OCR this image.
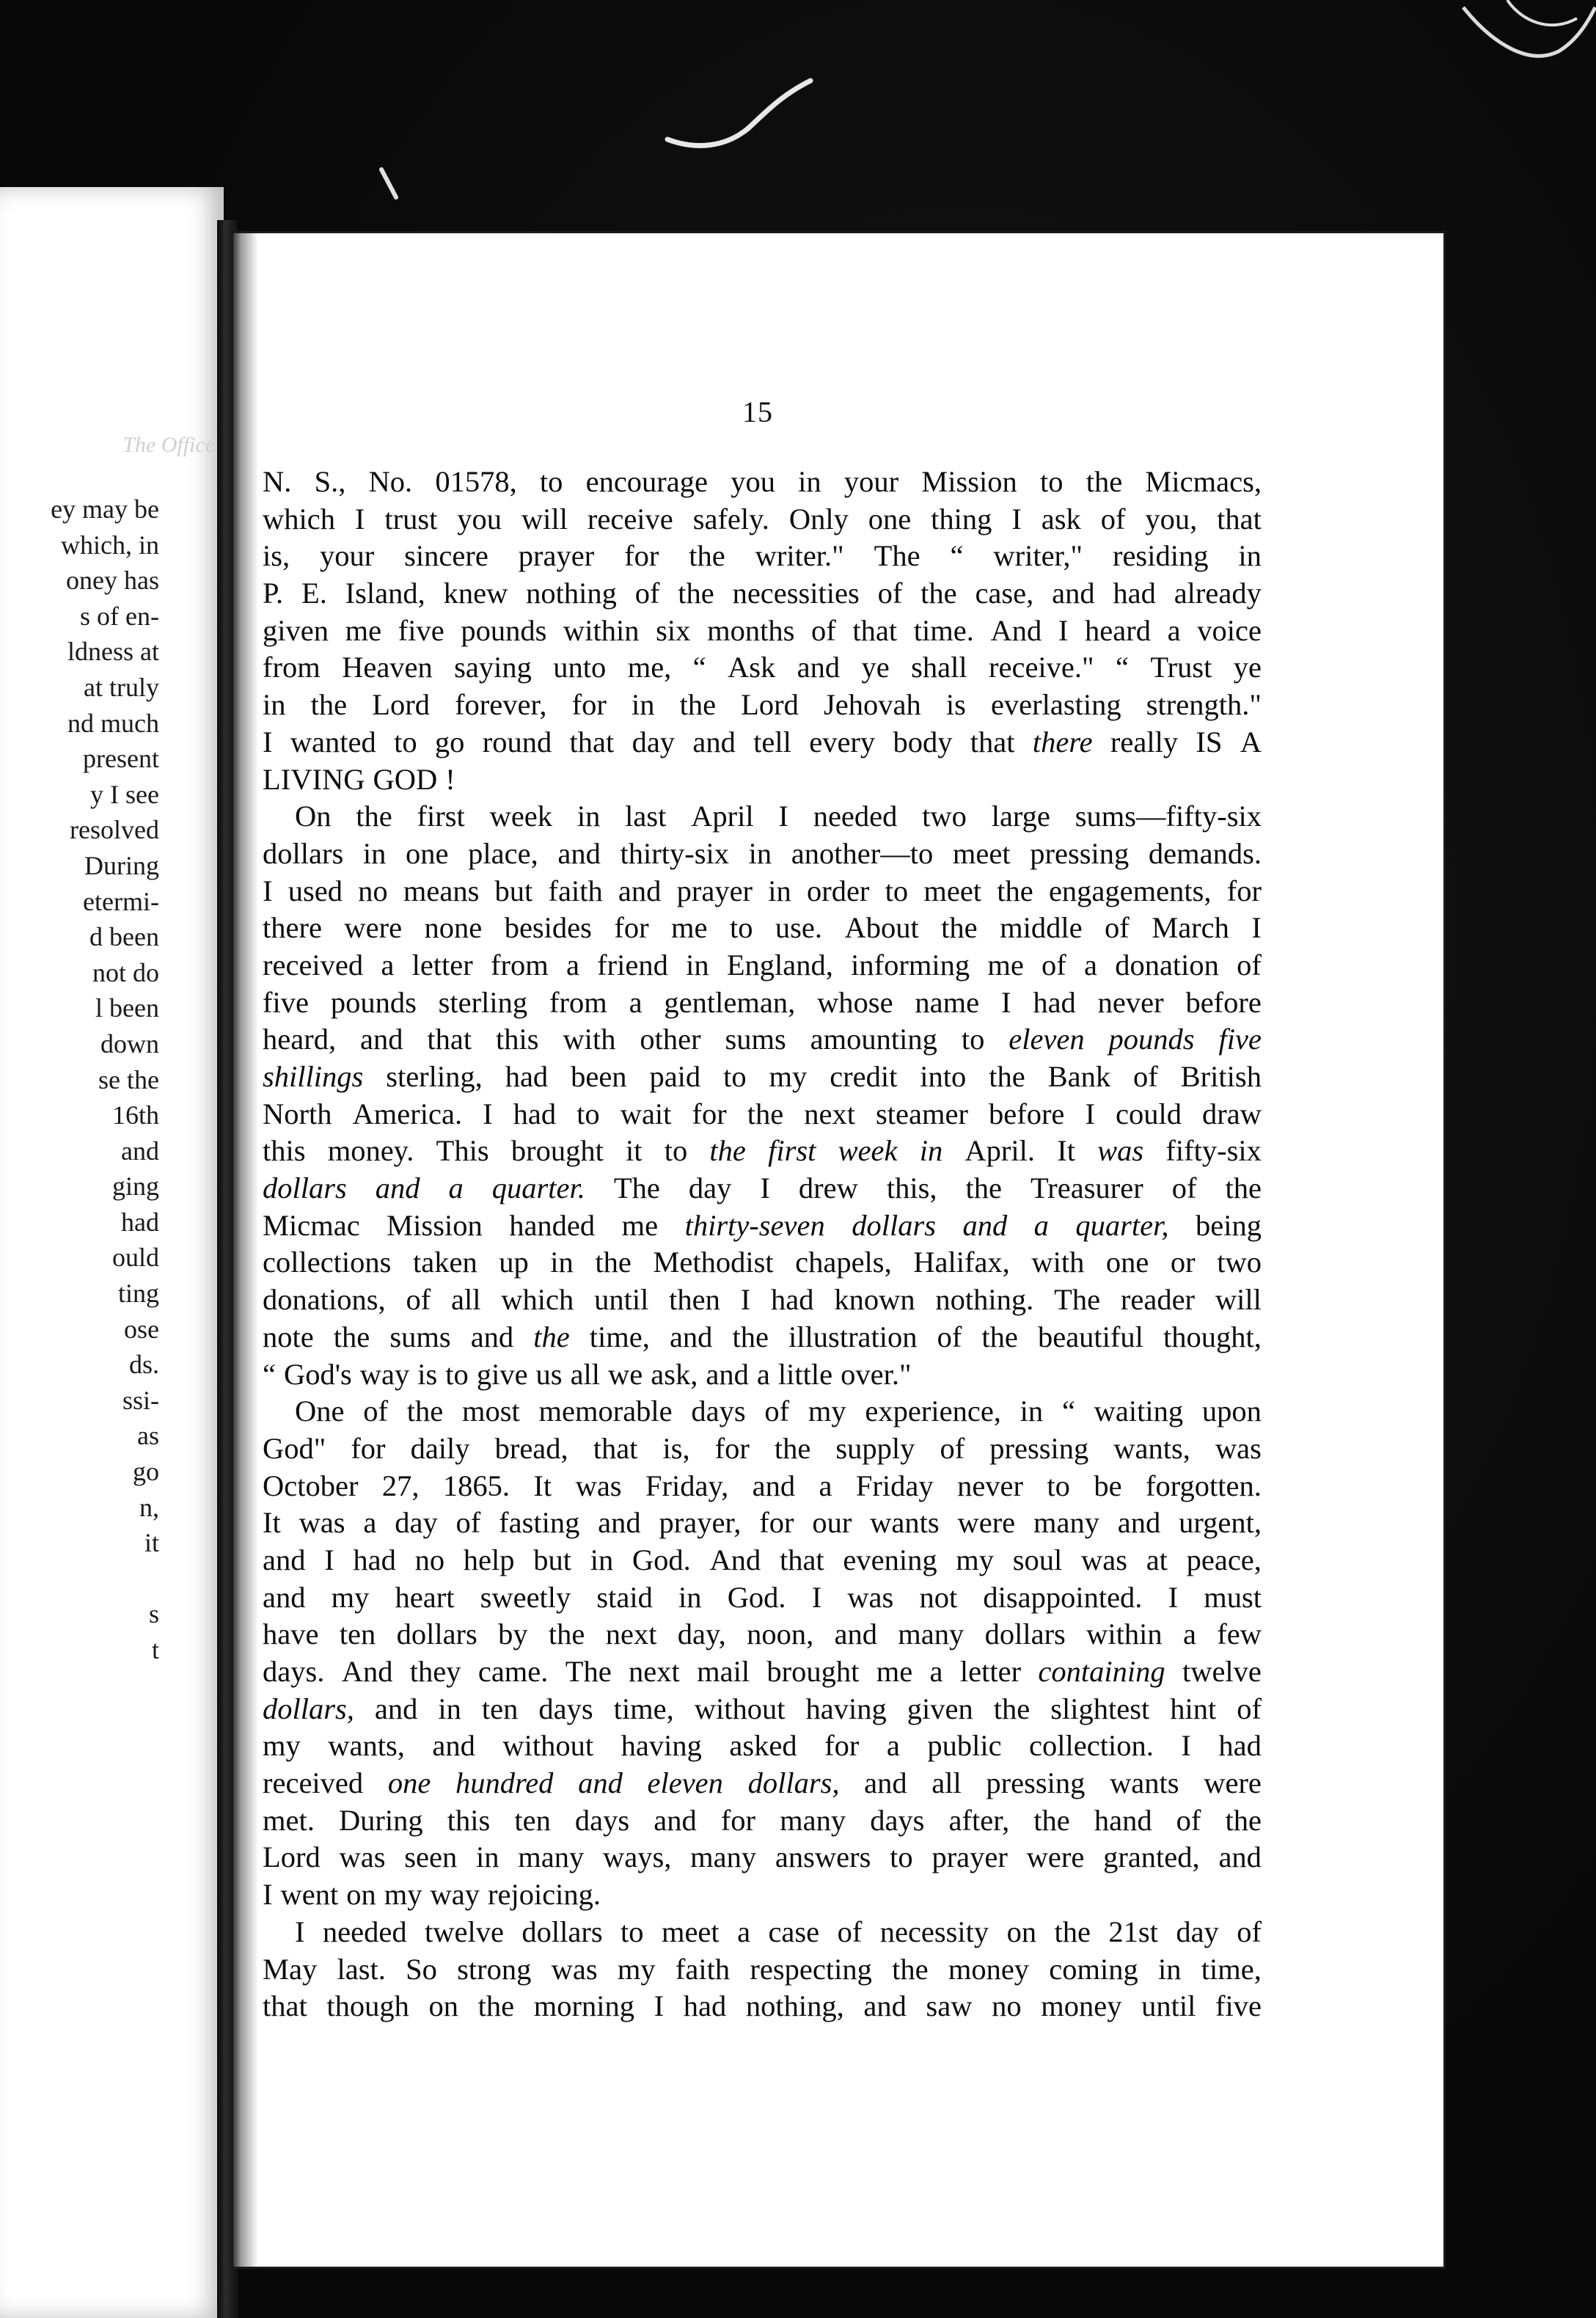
The Office
ey may be
which, in
oney has
s of en-
ldness at
at truly
nd much
present
y I see
resolved
During
etermi-
d been
not do
l been
down
se the
16th
and
ging
had
ould
ting
ose
ds.
ssi-
as
go
n,
it
s
t
15
N. S., No. 01578, to encourage you in your Mission to the Micmacs,
which I trust you will receive safely. Only one thing I ask of you, that
is, your sincere prayer for the writer." The “ writer," residing in
P. E. Island, knew nothing of the necessities of the case, and had already
given me five pounds within six months of that time. And I heard a voice
from Heaven saying unto me, “ Ask and ye shall receive." “ Trust ye
in the Lord forever, for in the Lord Jehovah is everlasting strength."
I wanted to go round that day and tell every body that there really IS A
LIVING GOD !
On the first week in last April I needed two large sums—fifty-six
dollars in one place, and thirty-six in another—to meet pressing demands.
I used no means but faith and prayer in order to meet the engagements, for
there were none besides for me to use. About the middle of March I
received a letter from a friend in England, informing me of a donation of
five pounds sterling from a gentleman, whose name I had never before
heard, and that this with other sums amounting to eleven pounds five
shillings sterling, had been paid to my credit into the Bank of British
North America. I had to wait for the next steamer before I could draw
this money. This brought it to the first week in April. It was fifty-six
dollars and a quarter. The day I drew this, the Treasurer of the
Micmac Mission handed me thirty-seven dollars and a quarter, being
collections taken up in the Methodist chapels, Halifax, with one or two
donations, of all which until then I had known nothing. The reader will
note the sums and the time, and the illustration of the beautiful thought,
“ God's way is to give us all we ask, and a little over."
One of the most memorable days of my experience, in “ waiting upon
God" for daily bread, that is, for the supply of pressing wants, was
October 27, 1865. It was Friday, and a Friday never to be forgotten.
It was a day of fasting and prayer, for our wants were many and urgent,
and I had no help but in God. And that evening my soul was at peace,
and my heart sweetly staid in God. I was not disappointed. I must
have ten dollars by the next day, noon, and many dollars within a few
days. And they came. The next mail brought me a letter containing twelve
dollars, and in ten days time, without having given the slightest hint of
my wants, and without having asked for a public collection. I had
received one hundred and eleven dollars, and all pressing wants were
met. During this ten days and for many days after, the hand of the
Lord was seen in many ways, many answers to prayer were granted, and
I went on my way rejoicing.
I needed twelve dollars to meet a case of necessity on the 21st day of
May last. So strong was my faith respecting the money coming in time,
that though on the morning I had nothing, and saw no money until five
